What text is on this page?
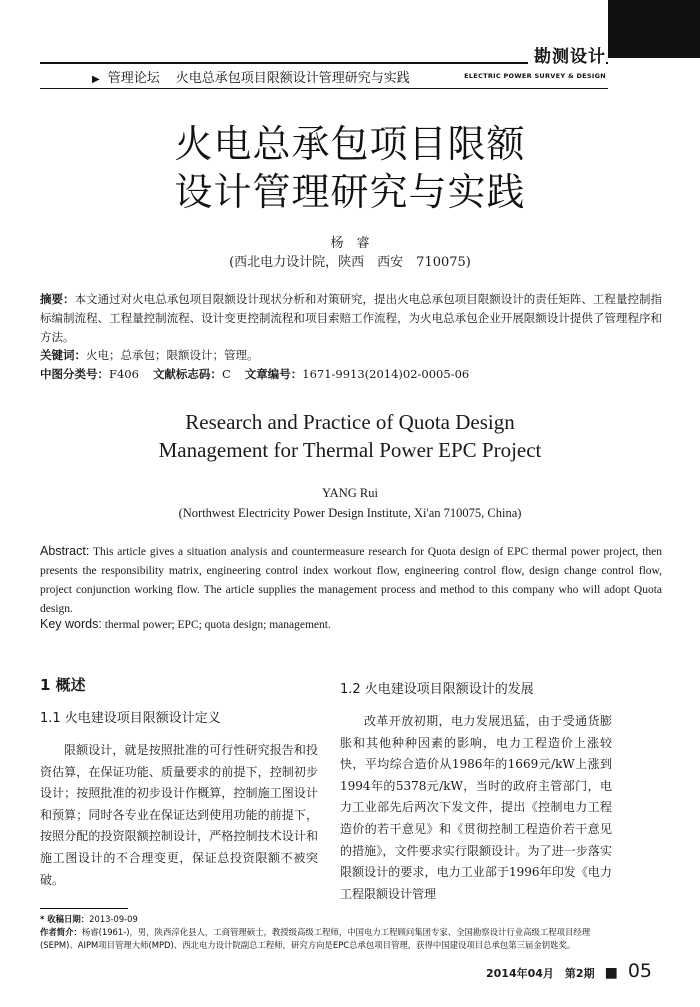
勘测设计
ELECTRIC POWER SURVEY & DESIGN
▶ 管理论坛 火电总承包项目限额设计管理研究与实践
火电总承包项目限额
设计管理研究与实践
杨　睿
(西北电力设计院，陕西　西安　710075)
摘要：本文通过对火电总承包项目限额设计现状分析和对策研究，提出火电总承包项目限额设计的责任矩阵、工程量控制指标编制流程、工程量控制流程、设计变更控制流程和项目索赔工作流程，为火电总承包企业开展限额设计提供了管理程序和方法。
关键词：火电；总承包；限额设计；管理。
中图分类号：F406 文献标志码：C 文章编号：1671-9913(2014)02-0005-06
Research and Practice of Quota Design
Management for Thermal Power EPC Project
YANG Rui
(Northwest Electricity Power Design Institute, Xi'an 710075, China)
Abstract: This article gives a situation analysis and countermeasure research for Quota design of EPC thermal power project, then presents the responsibility matrix, engineering control index workout flow, engineering control flow, design change control flow, project conjunction working flow. The article supplies the management process and method to this company who will adopt Quota design.
Key words: thermal power; EPC; quota design; management.
1 概述
1.1 火电建设项目限额设计定义

限额设计，就是按照批准的可行性研究报告和投资估算，在保证功能、质量要求的前提下，控制初步设计；按照批准的初步设计作概算，控制施工图设计和预算；同时各专业在保证达到使用功能的前提下，按照分配的投资限额控制设计，严格控制技术设计和施工图设计的不合理变更，保证总投资限额不被突破。

1.2 火电建设项目限额设计的发展

改革开放初期，电力发展迅猛，由于受通货膨胀和其他种种因素的影响，电力工程造价上涨较快，平均综合造价从1986年的1669元/kW上涨到1994年的5378元/kW，当时的政府主管部门，电力工业部先后两次下发文件，提出《控制电力工程造价的若干意见》和《贯彻控制工程造价若干意见的措施》，文件要求实行限额设计。为了进一步落实限额设计的要求，电力工业部于1996年印发《电力工程限额设计管理

* 收稿日期：2013-09-09
作者简介：杨睿(1961-)，男，陕西淳化县人，工商管理硕士，教授级高级工程师，中国电力工程顾问集团专家、全国勘察设计行业高级工程项目经理(SEPM)、AIPM项目管理大师(MPD)、西北电力设计院副总工程师，研究方向是EPC总承包项目管理，获得中国建设项目总承包第三届金钥匙奖。
2014年04月　第2期 ■ 05
